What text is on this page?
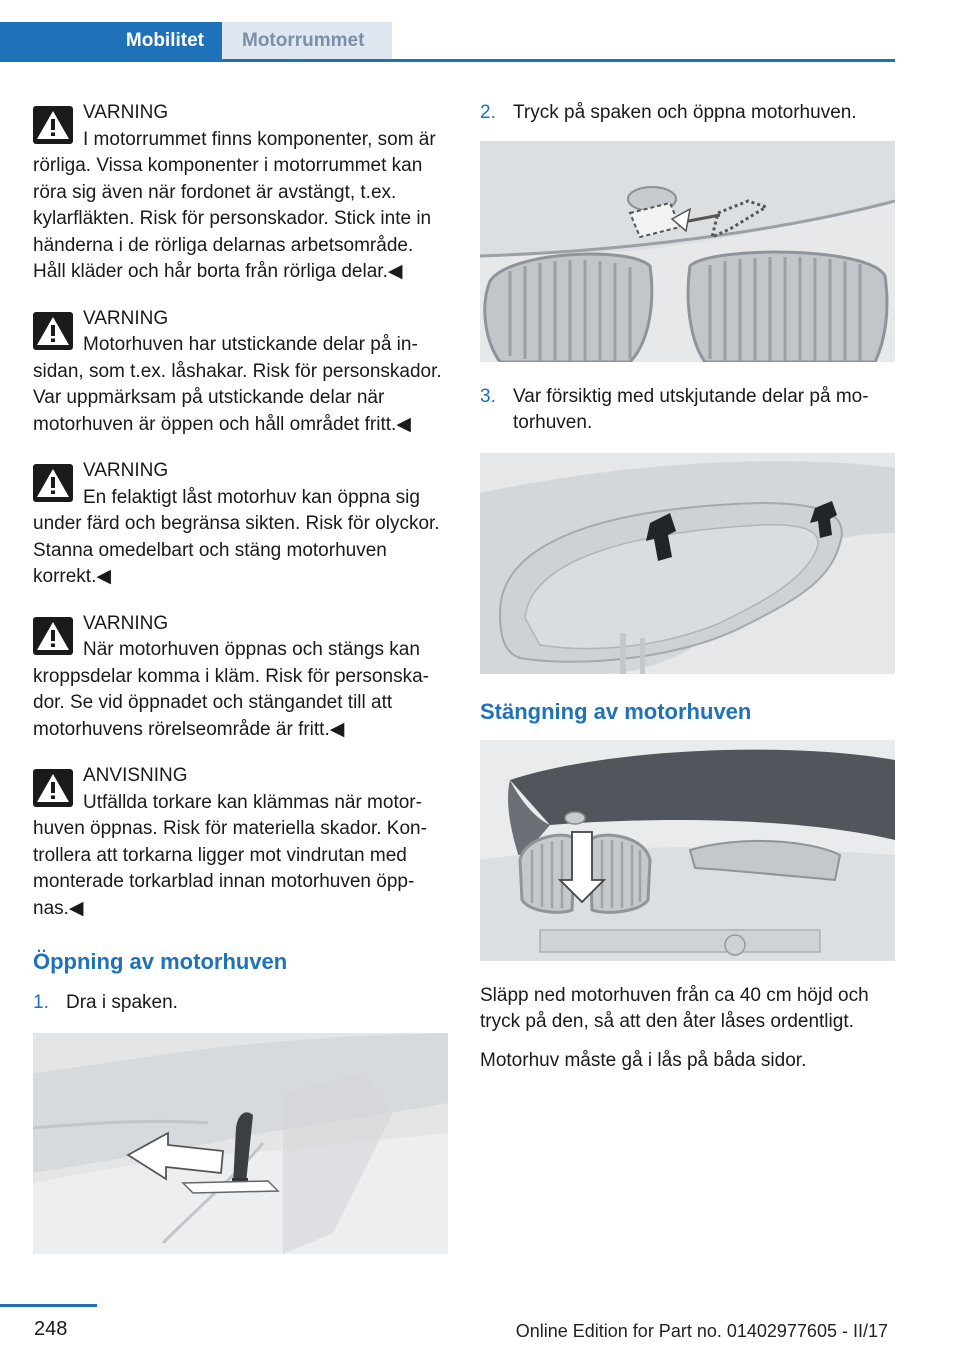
Mobilitet	Motorrummet
VARNING
I motorrummet finns komponenter, som är rörliga. Vissa komponenter i motorrummet kan röra sig även när fordonet är avstängt, t.ex. kylarfläkten. Risk för personskador. Stick inte in händerna i de rörliga delarnas arbetsområde. Håll kläder och hår borta från rörliga delar.◀
VARNING
Motorhuven har utstickande delar på insidan, som t.ex. låshakar. Risk för personskador. Var uppmärksam på utstickande delar när motorhuven är öppen och håll området fritt.◀
VARNING
En felaktigt låst motorhuv kan öppna sig under färd och begränsa sikten. Risk för olyckor. Stanna omedelbart och stäng motorhuven korrekt.◀
VARNING
När motorhuven öppnas och stängs kan kroppsdelar komma i kläm. Risk för personskador. Se vid öppnadet och stängandet till att motorhuvens rörelseområde är fritt.◀
ANVISNING
Utfällda torkare kan klämmas när motorhuven öppnas. Risk för materiella skador. Kontrollera att torkarna ligger mot vindrutan med monterade torkarblad innan motorhuven öppnas.◀
Öppning av motorhuven
1. Dra i spaken.
2. Tryck på spaken och öppna motorhuven.
3. Var försiktig med utskjutande delar på motorhuven.
Stängning av motorhuven

Släpp ned motorhuven från ca 40 cm höjd och tryck på den, så att den åter låses ordentligt.

Motorhuv måste gå i lås på båda sidor.

248	Online Edition for Part no. 01402977605 - II/17
